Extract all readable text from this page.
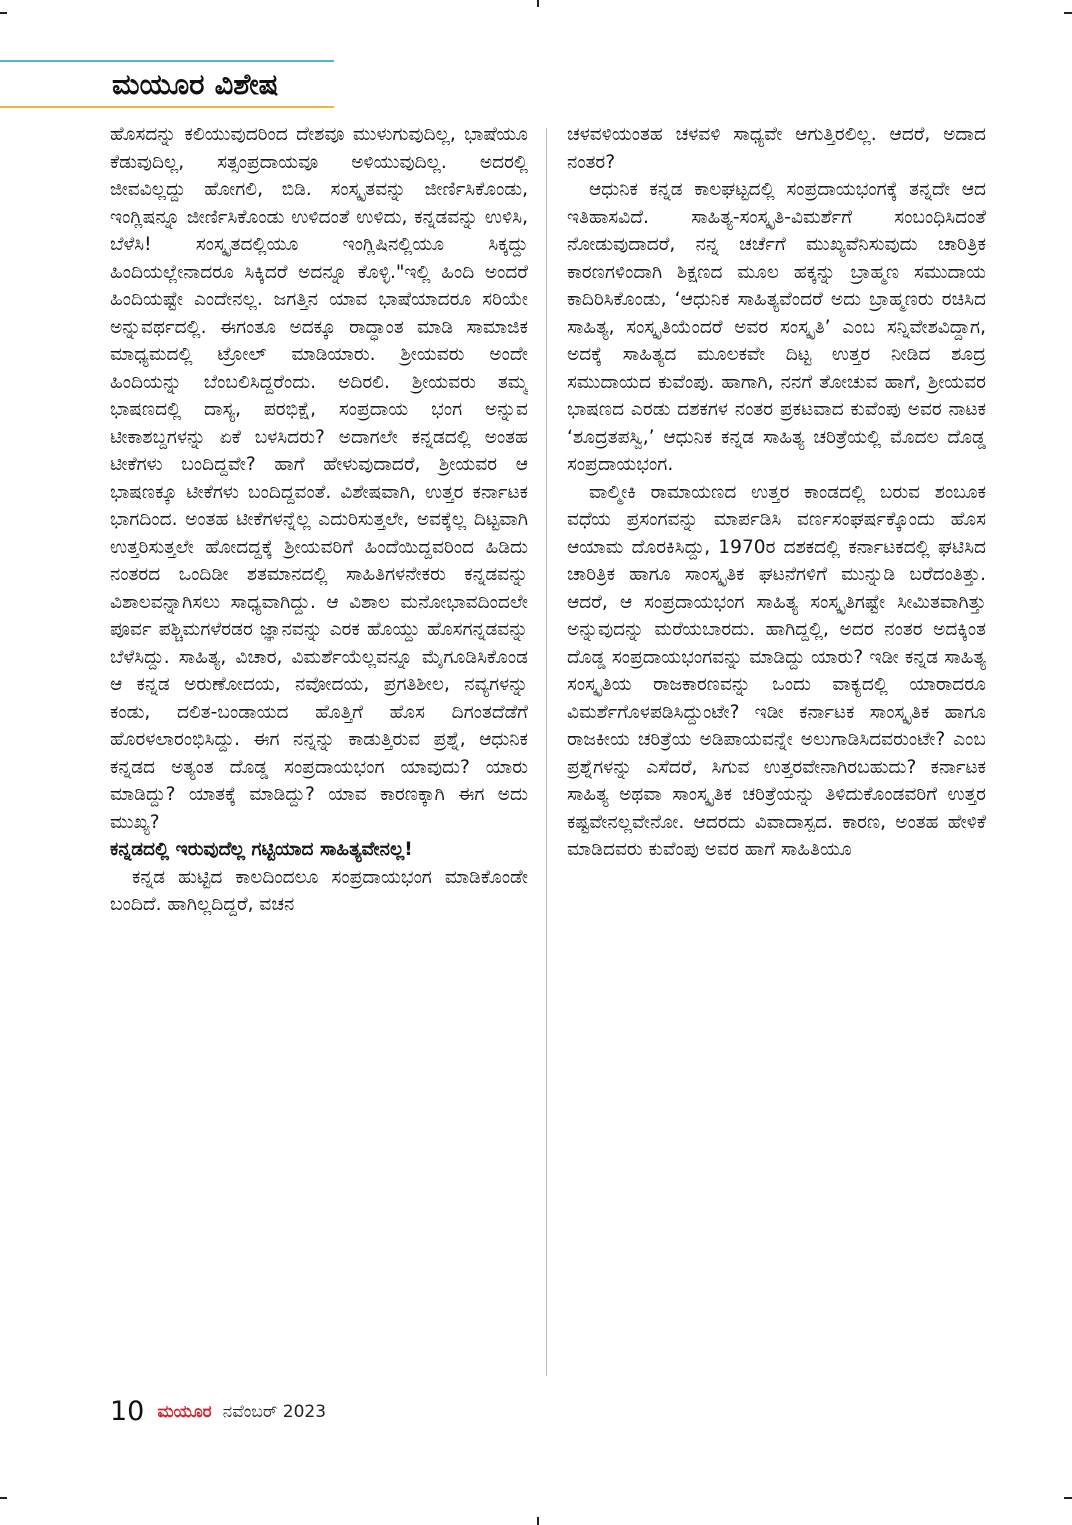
ಮಯೂರ ವಿಶೇಷ

ಹೊಸದನ್ನು ಕಲಿಯುವುದರಿಂದ ದೇಶವೂ ಮುಳುಗುವುದಿಲ್ಲ, ಭಾಷೆಯೂ ಕೆಡುವುದಿಲ್ಲ, ಸತ್ಸಂಪ್ರದಾಯವೂ ಅಳಿಯುವುದಿಲ್ಲ. ಅದರಲ್ಲಿ ಜೀವವಿಲ್ಲದ್ದು ಹೋಗಲಿ, ಬಿಡಿ. ಸಂಸ್ಕೃತವನ್ನು ಜೀರ್ಣಿಸಿಕೊಂಡು, ಇಂಗ್ಲಿಷನ್ನೂ ಜೀರ್ಣಿಸಿಕೊಂಡು ಉಳಿದಂತೆ ಉಳಿದು, ಕನ್ನಡವನ್ನು ಉಳಿಸಿ, ಬೆಳೆಸಿ! ಸಂಸ್ಕೃತದಲ್ಲಿಯೂ ಇಂಗ್ಲಿಷಿನಲ್ಲಿಯೂ ಸಿಕ್ಕದ್ದು ಹಿಂದಿಯಲ್ಲೇನಾದರೂ ಸಿಕ್ಕಿದರೆ ಅದನ್ನೂ ಕೊಳ್ಳಿ."ಇಲ್ಲಿ ಹಿಂದಿ ಅಂದರೆ ಹಿಂದಿಯಷ್ಟೇ ಎಂದೇನಲ್ಲ. ಜಗತ್ತಿನ ಯಾವ ಭಾಷೆಯಾದರೂ ಸರಿಯೇ ಅನ್ನುವರ್ಥದಲ್ಲಿ. ಈಗಂತೂ ಅದಕ್ಕೂ ರಾದ್ಧಾಂತ ಮಾಡಿ ಸಾಮಾಜಿಕ ಮಾಧ್ಯಮದಲ್ಲಿ ಟ್ರೋಲ್ ಮಾಡಿಯಾರು. ಶ್ರೀಯವರು ಅಂದೇ ಹಿಂದಿಯನ್ನು ಬೆಂಬಲಿಸಿದ್ದರೆಂದು. ಅದಿರಲಿ. ಶ್ರೀಯವರು ತಮ್ಮ ಭಾಷಣದಲ್ಲಿ ದಾಸ್ಯ, ಪರಭಿಕ್ಷೆ, ಸಂಪ್ರದಾಯ ಭಂಗ ಅನ್ನುವ ಟೀಕಾಶಬ್ದಗಳನ್ನು ಏಕೆ ಬಳಸಿದರು? ಅದಾಗಲೇ ಕನ್ನಡದಲ್ಲಿ ಅಂತಹ ಟೀಕೆಗಳು ಬಂದಿದ್ದವೇ? ಹಾಗೆ ಹೇಳುವುದಾದರೆ, ಶ್ರೀಯವರ ಆ ಭಾಷಣಕ್ಕೂ ಟೀಕೆಗಳು ಬಂದಿದ್ದವಂತೆ. ವಿಶೇಷವಾಗಿ, ಉತ್ತರ ಕರ್ನಾಟಕ ಭಾಗದಿಂದ. ಅಂತಹ ಟೀಕೆಗಳನ್ನೆಲ್ಲ ಎದುರಿಸುತ್ತಲೇ, ಅವಕ್ಕೆಲ್ಲ ದಿಟ್ಟವಾಗಿ ಉತ್ತರಿಸುತ್ತಲೇ ಹೋದದ್ದಕ್ಕೆ ಶ್ರೀಯವರಿಗೆ ಹಿಂದೆಯಿದ್ದವರಿಂದ ಹಿಡಿದು ನಂತರದ ಒಂದಿಡೀ ಶತಮಾನದಲ್ಲಿ ಸಾಹಿತಿಗಳನೇಕರು ಕನ್ನಡವನ್ನು ವಿಶಾಲವನ್ನಾಗಿಸಲು ಸಾಧ್ಯವಾಗಿದ್ದು. ಆ ವಿಶಾಲ ಮನೋಭಾವದಿಂದಲೇ ಪೂರ್ವ ಪಶ್ಚಿಮಗಳೆರಡರ ಜ್ಞಾನವನ್ನು ಎರಕ ಹೊಯ್ದು ಹೊಸಗನ್ನಡವನ್ನು ಬೆಳೆಸಿದ್ದು. ಸಾಹಿತ್ಯ, ವಿಚಾರ, ವಿಮರ್ಶೆಯೆಲ್ಲವನ್ನೂ ಮೈಗೂಡಿಸಿಕೊಂಡ ಆ ಕನ್ನಡ ಅರುಣೋದಯ, ನವೋದಯ, ಪ್ರಗತಿಶೀಲ, ನವ್ಯಗಳನ್ನು ಕಂಡು, ದಲಿತ-ಬಂಡಾಯದ ಹೊತ್ತಿಗೆ ಹೊಸ ದಿಗಂತದೆಡೆಗೆ ಹೊರಳಲಾರಂಭಿಸಿದ್ದು. ಈಗ ನನ್ನನ್ನು ಕಾಡುತ್ತಿರುವ ಪ್ರಶ್ನೆ, ಆಧುನಿಕ ಕನ್ನಡದ ಅತ್ಯಂತ ದೊಡ್ಡ ಸಂಪ್ರದಾಯಭಂಗ ಯಾವುದು? ಯಾರು ಮಾಡಿದ್ದು? ಯಾತಕ್ಕೆ ಮಾಡಿದ್ದು? ಯಾವ ಕಾರಣಕ್ಕಾಗಿ ಈಗ ಅದು ಮುಖ್ಯ?

ಕನ್ನಡದಲ್ಲಿ ಇರುವುದೆಲ್ಲ ಗಟ್ಟಿಯಾದ ಸಾಹಿತ್ಯವೇನಲ್ಲ!

ಕನ್ನಡ ಹುಟ್ಟಿದ ಕಾಲದಿಂದಲೂ ಸಂಪ್ರದಾಯಭಂಗ ಮಾಡಿಕೊಂಡೇ ಬಂದಿದೆ. ಹಾಗಿಲ್ಲದಿದ್ದರೆ, ವಚನ

ಚಳವಳಿಯಂತಹ ಚಳವಳಿ ಸಾಧ್ಯವೇ ಆಗುತ್ತಿರಲಿಲ್ಲ. ಆದರೆ, ಅದಾದ ನಂತರ?

ಆಧುನಿಕ ಕನ್ನಡ ಕಾಲಘಟ್ಟದಲ್ಲಿ ಸಂಪ್ರದಾಯಭಂಗಕ್ಕೆ ತನ್ನದೇ ಆದ ಇತಿಹಾಸವಿದೆ. ಸಾಹಿತ್ಯ-ಸಂಸ್ಕೃತಿ-ವಿಮರ್ಶೆಗೆ ಸಂಬಂಧಿಸಿದಂತೆ ನೋಡುವುದಾದರೆ, ನನ್ನ ಚರ್ಚೆಗೆ ಮುಖ್ಯವೆನಿಸುವುದು ಚಾರಿತ್ರಿಕ ಕಾರಣಗಳಿಂದಾಗಿ ಶಿಕ್ಷಣದ ಮೂಲ ಹಕ್ಕನ್ನು ಬ್ರಾಹ್ಮಣ ಸಮುದಾಯ ಕಾದಿರಿಸಿಕೊಂಡು, ‘ಆಧುನಿಕ ಸಾಹಿತ್ಯವೆಂದರೆ ಅದು ಬ್ರಾಹ್ಮಣರು ರಚಿಸಿದ ಸಾಹಿತ್ಯ, ಸಂಸ್ಕೃತಿಯೆಂದರೆ ಅವರ ಸಂಸ್ಕೃತಿ’ ಎಂಬ ಸನ್ನಿವೇಶವಿದ್ದಾಗ, ಅದಕ್ಕೆ ಸಾಹಿತ್ಯದ ಮೂಲಕವೇ ದಿಟ್ಟ ಉತ್ತರ ನೀಡಿದ ಶೂದ್ರ ಸಮುದಾಯದ ಕುವೆಂಪು. ಹಾಗಾಗಿ, ನನಗೆ ತೋಚುವ ಹಾಗೆ, ಶ್ರೀಯವರ ಭಾಷಣದ ಎರಡು ದಶಕಗಳ ನಂತರ ಪ್ರಕಟವಾದ ಕುವೆಂಪು ಅವರ ನಾಟಕ ‘ಶೂದ್ರತಪಸ್ವಿ,’ ಆಧುನಿಕ ಕನ್ನಡ ಸಾಹಿತ್ಯ ಚರಿತ್ರೆಯಲ್ಲಿ ಮೊದಲ ದೊಡ್ಡ ಸಂಪ್ರದಾಯಭಂಗ.

ವಾಲ್ಮೀಕಿ ರಾಮಾಯಣದ ಉತ್ತರ ಕಾಂಡದಲ್ಲಿ ಬರುವ ಶಂಬೂಕ ವಧೆಯ ಪ್ರಸಂಗವನ್ನು ಮಾರ್ಪಡಿಸಿ ವರ್ಣಸಂಘರ್ಷಕ್ಕೊಂದು ಹೊಸ ಆಯಾಮ ದೊರಕಿಸಿದ್ದು, 1970ರ ದಶಕದಲ್ಲಿ ಕರ್ನಾಟಕದಲ್ಲಿ ಘಟಿಸಿದ ಚಾರಿತ್ರಿಕ ಹಾಗೂ ಸಾಂಸ್ಕೃತಿಕ ಘಟನೆಗಳಿಗೆ ಮುನ್ನುಡಿ ಬರೆದಂತಿತ್ತು. ಆದರೆ, ಆ ಸಂಪ್ರದಾಯಭಂಗ ಸಾಹಿತ್ಯ ಸಂಸ್ಕೃತಿಗಷ್ಟೇ ಸೀಮಿತವಾಗಿತ್ತು ಅನ್ನುವುದನ್ನು ಮರೆಯಬಾರದು. ಹಾಗಿದ್ದಲ್ಲಿ, ಅದರ ನಂತರ ಅದಕ್ಕಿಂತ ದೊಡ್ಡ ಸಂಪ್ರದಾಯಭಂಗವನ್ನು ಮಾಡಿದ್ದು ಯಾರು? ಇಡೀ ಕನ್ನಡ ಸಾಹಿತ್ಯ ಸಂಸ್ಕೃತಿಯ ರಾಜಕಾರಣವನ್ನು ಒಂದು ವಾಕ್ಯದಲ್ಲಿ ಯಾರಾದರೂ ವಿಮರ್ಶೆಗೊಳಪಡಿಸಿದ್ದುಂಟೇ? ಇಡೀ ಕರ್ನಾಟಕ ಸಾಂಸ್ಕೃತಿಕ ಹಾಗೂ ರಾಜಕೀಯ ಚರಿತ್ರೆಯ ಅಡಿಪಾಯವನ್ನೇ ಅಲುಗಾಡಿಸಿದವರುಂಟೇ? ಎಂಬ ಪ್ರಶ್ನೆಗಳನ್ನು ಎಸೆದರೆ, ಸಿಗುವ ಉತ್ತರವೇನಾಗಿರಬಹುದು? ಕರ್ನಾಟಕ ಸಾಹಿತ್ಯ ಅಥವಾ ಸಾಂಸ್ಕೃತಿಕ ಚರಿತ್ರೆಯನ್ನು ತಿಳಿದುಕೊಂಡವರಿಗೆ ಉತ್ತರ ಕಷ್ಟವೇನಲ್ಲವೇನೋ. ಆದರದು ವಿವಾದಾಸ್ಪದ. ಕಾರಣ, ಅಂತಹ ಹೇಳಿಕೆ ಮಾಡಿದವರು ಕುವೆಂಪು ಅವರ ಹಾಗೆ ಸಾಹಿತಿಯೂ

10 ಮಯೂರ ನವೆಂಬರ್ 2023
